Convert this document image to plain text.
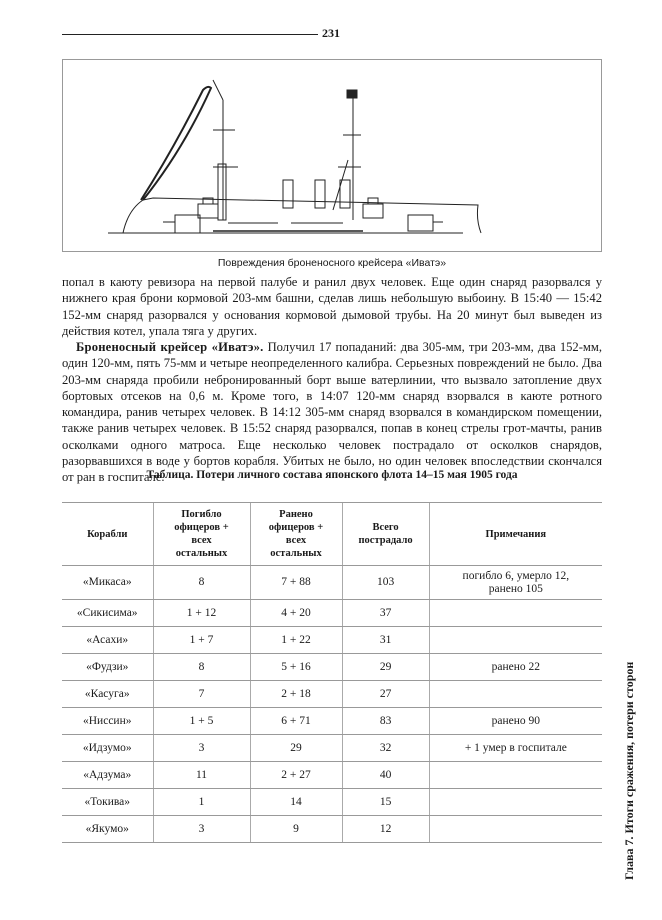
231
Повреждения броненосного крейсера «Иватэ»

попал в каюту ревизора на первой палубе и ранил двух человек. Еще один снаряд разорвался у нижнего края брони кормовой 203-мм башни, сделав лишь небольшую выбоину. В 15:40 — 15:42 152-мм снаряд разорвался у основания кормовой дымовой трубы. На 20 минут был выведен из действия котел, упала тяга у других.

Броненосный крейсер «Иватэ». Получил 17 попаданий: два 305-мм, три 203-мм, два 152-мм, один 120-мм, пять 75-мм и четыре неопределенного калибра. Серьезных повреждений не было. Два 203-мм снаряда пробили небронированный борт выше ватерлинии, что вызвало затопление двух бортовых отсеков на 0,6 м. Кроме того, в 14:07 120-мм снаряд взорвался в каюте ротного командира, ранив четырех человек. В 14:12 305-мм снаряд взорвался в командирском помещении, также ранив четырех человек. В 15:52 снаряд разорвался, попав в конец стрелы грот-мачты, ранив осколками одного матроса. Еще несколько человек пострадало от осколков снарядов, разорвавшихся в воде у бортов корабля. Убитых не было, но один человек впоследствии скончался от ран в госпитале.

Таблица. Потери личного состава японского флота 14–15 мая 1905 года
Корабли	Погибло офицеров + всех остальных	Ранено офицеров + всех остальных	Всего пострадало	Примечания
«Микаса»	8	7 + 88	103	погибло 6, умерло 12, ранено 105
«Сикисима»	1 + 12	4 + 20	37	
«Асахи»	1 + 7	1 + 22	31	
«Фудзи»	8	5 + 16	29	ранено 22
«Касуга»	7	2 + 18	27	
«Ниссин»	1 + 5	6 + 71	83	ранено 90
«Идзумо»	3	29	32	+ 1 умер в госпитале
«Адзума»	11	2 + 27	40	
«Токива»	1	14	15	
«Якумо»	3	9	12		Глава 7. Итоги сражения, потери сторон
